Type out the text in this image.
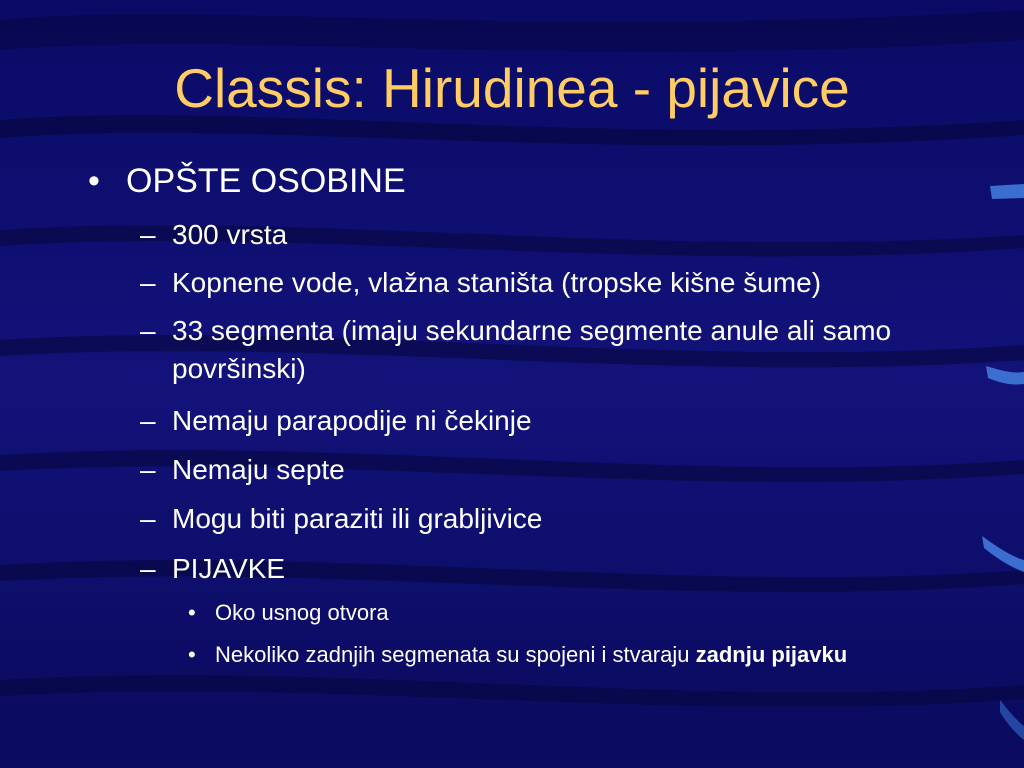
Classis: Hirudinea - pijavice
• OPŠTE OSOBINE
– 300 vrsta
– Kopnene vode, vlažna staništa (tropske kišne šume)
– 33 segmenta (imaju sekundarne segmente anule ali samo površinski)
– Nemaju parapodije ni čekinje
– Nemaju septe
– Mogu biti paraziti ili grabljivice
– PIJAVKE
• Oko usnog otvora
• Nekoliko zadnjih segmenata su spojeni i stvaraju zadnju pijavku
